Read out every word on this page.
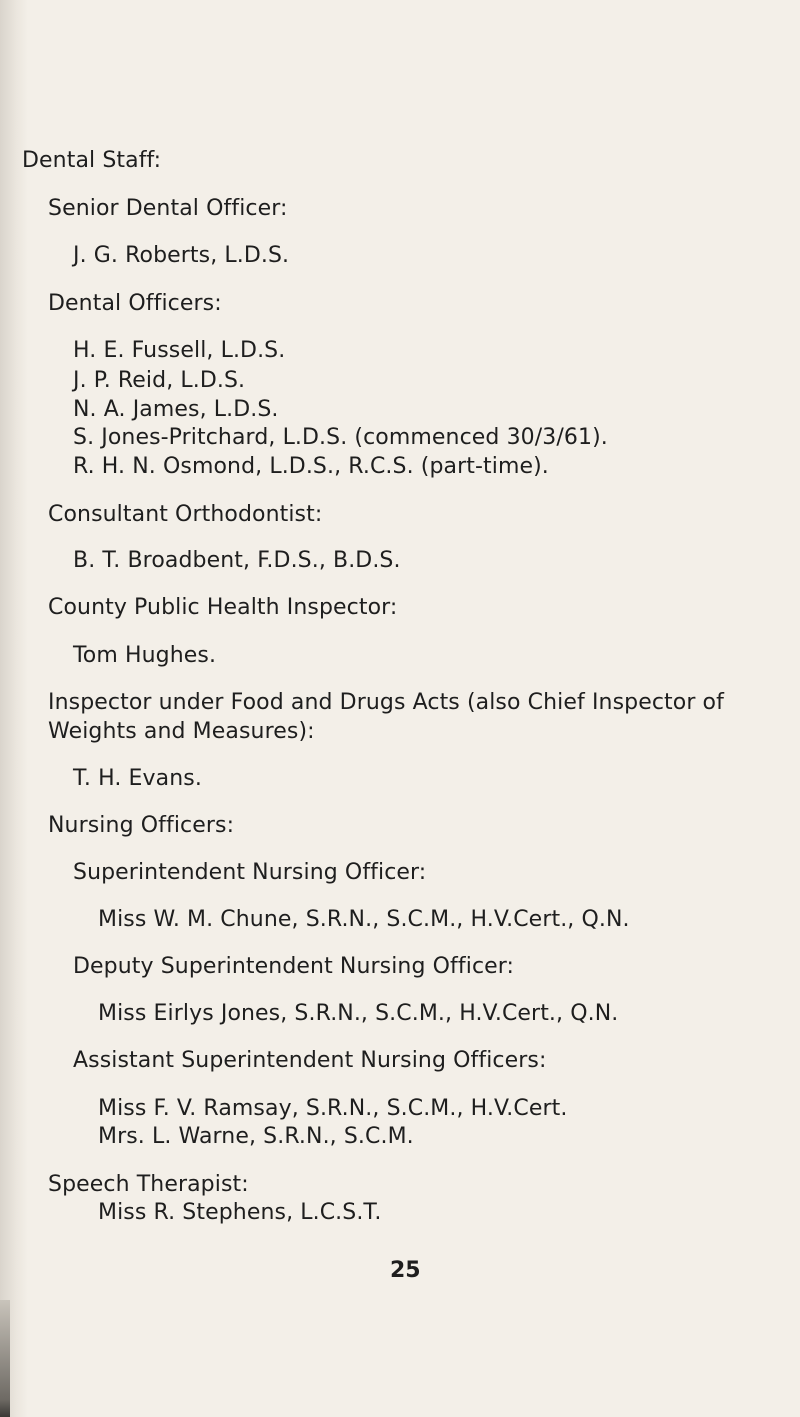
Dental Staff:
Senior Dental Officer:
J. G. Roberts, L.D.S.
Dental Officers:
H. E. Fussell, L.D.S.
J. P. Reid, L.D.S.
N. A. James, L.D.S.
S. Jones-Pritchard, L.D.S. (commenced 30/3/61).
R. H. N. Osmond, L.D.S., R.C.S. (part-time).
Consultant Orthodontist:
B. T. Broadbent, F.D.S., B.D.S.
County Public Health Inspector:
Tom Hughes.
Inspector under Food and Drugs Acts (also Chief Inspector of
Weights and Measures):
T. H. Evans.
Nursing Officers:
Superintendent Nursing Officer:
Miss W. M. Chune, S.R.N., S.C.M., H.V.Cert., Q.N.
Deputy Superintendent Nursing Officer:
Miss Eirlys Jones, S.R.N., S.C.M., H.V.Cert., Q.N.
Assistant Superintendent Nursing Officers:
Miss F. V. Ramsay, S.R.N., S.C.M., H.V.Cert.
Mrs. L. Warne, S.R.N., S.C.M.
Speech Therapist:
Miss R. Stephens, L.C.S.T.
25
